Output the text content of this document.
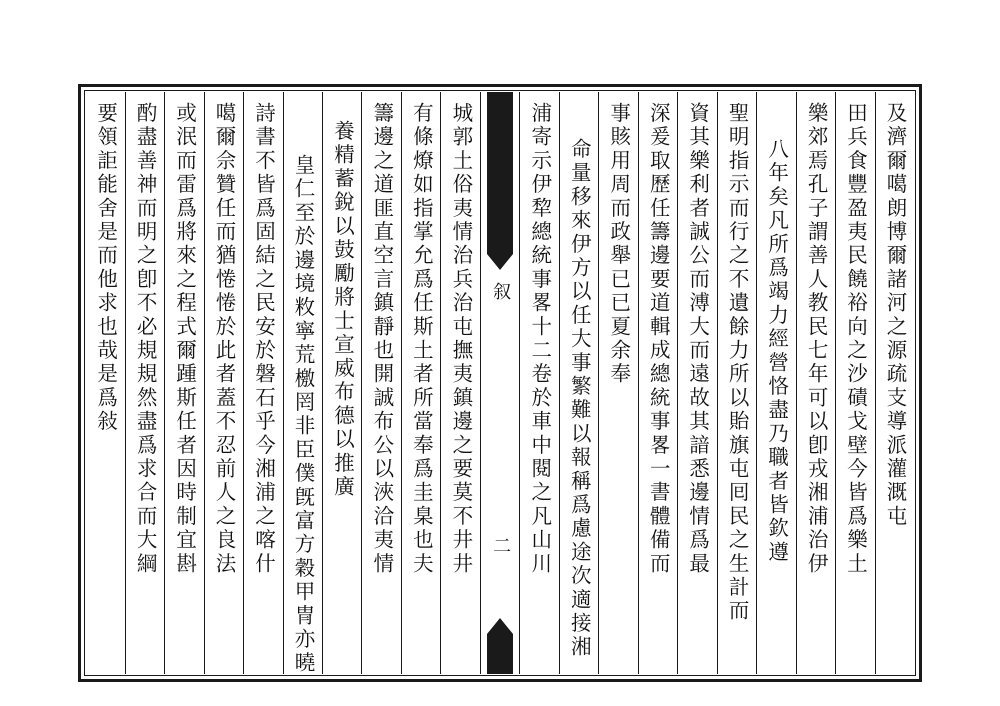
及濟爾噶朗博爾諸河之源疏支導派灌溉屯
田兵食豐盈夷民饒裕向之沙磧戈壁今皆爲樂土
樂郊焉孔子謂善人教民七年可以卽戎湘浦治伊
八年矣凡所爲竭力經營恪盡乃職者皆欽遵
聖明指示而行之不遺餘力所以貽旗屯囘民之生計而
資其樂利者誠公而溥大而遠故其諳悉邊情爲最
深爰取歷任籌邊要道輯成總統事畧一書體備而
事賅用周而政舉已已夏余奉
命量移來伊方以任大事繁難以報稱爲慮途次適接湘
浦寄示伊犂總統事畧十二卷於車中閱之凡山川
叙
二
城郭土俗夷情治兵治屯撫夷鎮邊之要莫不井井
有條燎如指掌允爲任斯土者所當奉爲圭臬也夫
籌邊之道匪直空言鎮靜也開誠布公以浹洽夷情
養精蓄銳以鼓勵將士宣威布德以推廣
皇仁至於邊境敉寧荒檄罔非臣僕旣富方穀甲冑亦曉
詩書不皆爲固結之民安於磐石乎今湘浦之喀什
噶爾佘贊任而猶惓惓於此者蓋不忍前人之良法
或泯而雷爲將來之程式爾踵斯任者因時制宜斟
酌盡善神而明之卽不必規規然盡爲求合而大綱
要領詎能舍是而他求也哉是爲敍
